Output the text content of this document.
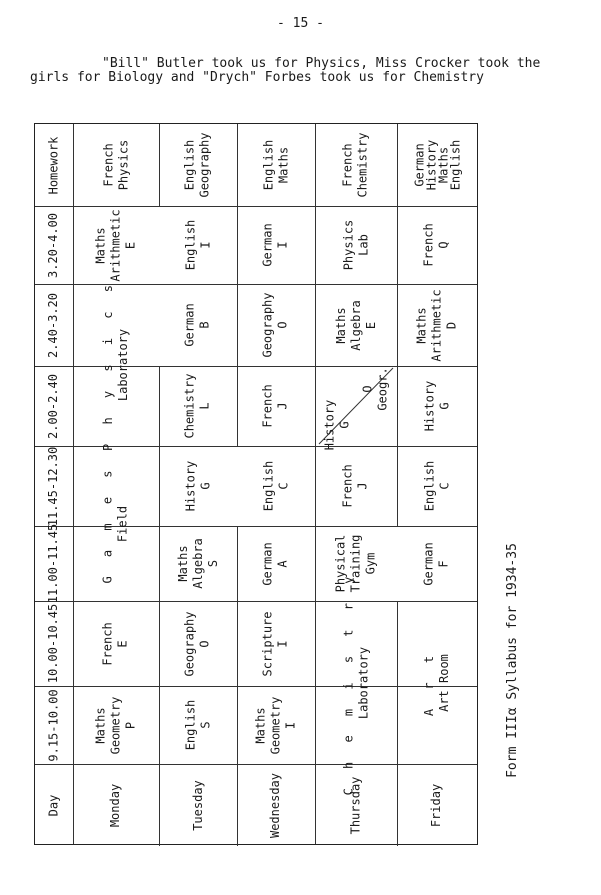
- 15 -
"Bill" Butler took us for Physics, Miss Crocker took the
girls for Biology and "Drych" Forbes took us for Chemistry
Homework
3.20-4.00
2.40-3.20
2.00-2.40
11.45-12.30
11.00-11.45
10.00-10.45
9.15-10.00
Day	Monday
Maths Geometry P
French E
G a m e s Field
P h y s i c s Laboratory
Maths Arithmetic E
French Physics
Tuesday
English S
Geography O
Maths Algebra S
History G
Chemistry L
German B
English I
English Geography
Wednesday
Maths Geometry I
Scripture I
German A
English C
French J
Geography O
German I
English Maths
Thursday
C h e m i s t r y Laboratory
Physical Training Gym
French J
History G
O Geogr.
Maths Algebra E
Physics Lab
French Chemistry
Friday
A r t Art Room
German F
English C
History G
Maths Arithmetic D
French Q
German
History
Maths
English
Form IIIα Syllabus for 1934-35
